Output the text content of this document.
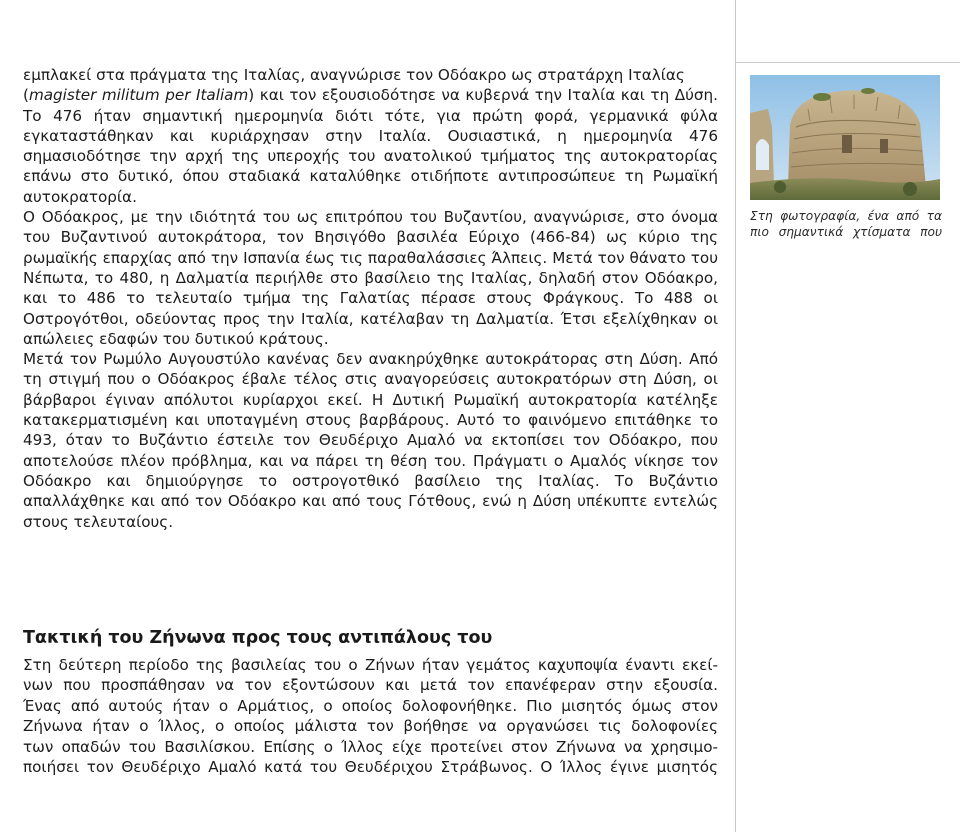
εμπλακεί στα πράγματα της Ιταλίας, αναγνώρισε τον Οδόακρο ως στρατάρχη Ιταλίας
(magister militum per Italiam) και τον εξουσιοδότησε να κυβερνά την Ιταλία και τη Δύση. Το 476 ήταν σημαντική ημερομηνία διότι τότε, για πρώτη φορά, γερμανικά φύλα εγκαταστάθηκαν και κυριάρχησαν στην Ιταλία. Ουσιαστικά, η ημερομηνία 476 σημασιοδότησε την αρχή της υπεροχής του ανατολικού τμήματος της αυτοκρατορίας επάνω στο δυτικό, όπου σταδιακά καταλύθηκε οτιδήποτε αντιπροσώπευε τη Ρωμαϊκή αυτοκρατορία.

Ο Οδόακρος, με την ιδιότητά του ως επιτρόπου του Βυζαντίου, αναγνώρισε, στο όνομα του Βυζαντινού αυτοκράτορα, τον Βησιγόθο βασιλέα Εύριχο (466-84) ως κύριο της ρωμαϊκής επαρχίας από την Ισπανία έως τις παραθαλάσσιες Άλπεις. Μετά τον θάνατο του Νέπωτα, το 480, η Δαλματία περιήλθε στο βασίλειο της Ιταλίας, δηλαδή στον Οδόακρο, και το 486 το τελευταίο τμήμα της Γαλατίας πέρασε στους Φράγκους. Το 488 οι Οστρογότθοι, οδεύοντας προς την Ιταλία, κατέλαβαν τη Δαλματία. Έτσι εξελίχθηκαν οι απώλειες εδαφών του δυτικού κράτους.

Μετά τον Ρωμύλο Αυγουστύλο κανένας δεν ανακηρύχθηκε αυτοκράτορας στη Δύση. Από τη στιγμή που ο Οδόακρος έβαλε τέλος στις αναγορεύσεις αυτοκρατόρων στη Δύση, οι βάρβαροι έγιναν απόλυτοι κυρίαρχοι εκεί. Η Δυτική Ρωμαϊκή αυτοκρατορία κατέληξε κατακερματισμένη και υποταγμένη στους βαρβάρους. Αυτό το φαινόμενο επιτάθηκε το 493, όταν το Βυζάντιο έστειλε τον Θευδέριχο Αμαλό να εκτοπίσει τον Οδόακρο, που αποτελούσε πλέον πρόβλημα, και να πάρει τη θέση του. Πράγματι ο Αμαλός νίκησε τον Οδόακρο και δημιούργησε το οστρογοτθικό βασίλειο της Ιταλίας. Το Βυζάντιο απαλλάχθηκε και από τον Οδόακρο και από τους Γότθους, ενώ η Δύση υπέκυπτε εντελώς στους τελευταίους.

Τακτική του Ζήνωνα προς τους αντιπάλους του

Στη δεύτερη περίοδο της βασιλείας του ο Ζήνων ήταν γεμάτος καχυποψία έναντι εκεί-

νων που προσπάθησαν να τον εξοντώσουν και μετά τον επανέφεραν στην εξουσία.

Ένας από αυτούς ήταν ο Αρμάτιος, ο οποίος δολοφονήθηκε. Πιο μισητός όμως στον

Ζήνωνα ήταν ο Ίλλος, ο οποίος μάλιστα τον βοήθησε να οργανώσει τις δολοφονίες

των οπαδών του Βασιλίσκου. Επίσης ο Ίλλος είχε προτείνει στον Ζήνωνα να χρησιμο-

ποιήσει τον Θευδέριχο Αμαλό κατά του Θευδέριχου Στράβωνος. Ο Ίλλος έγινε μισητός

Στη φωτογραφία, ένα από τα πιο σημαντικά χτίσματα που
